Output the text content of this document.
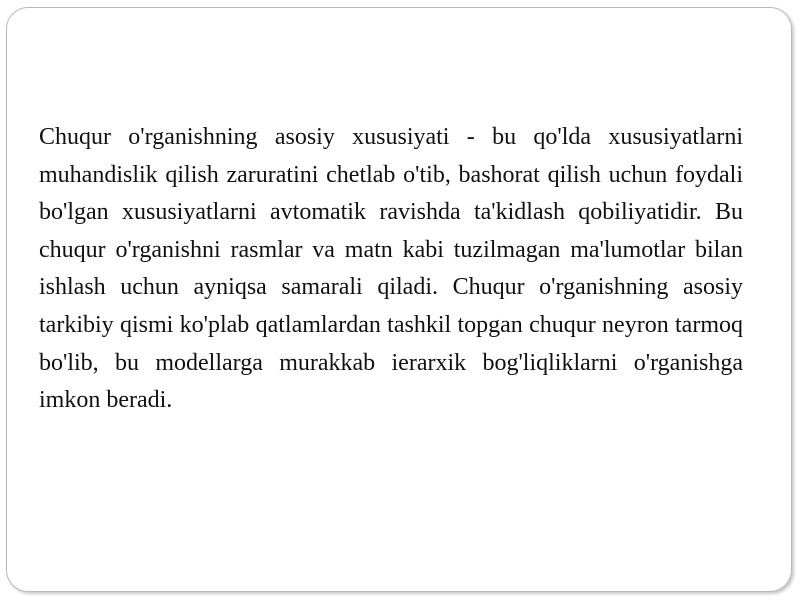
Chuqur o'rganishning asosiy xususiyati - bu qo'lda xususiyatlarni muhandislik qilish zaruratini chetlab o'tib, bashorat qilish uchun foydali bo'lgan xususiyatlarni avtomatik ravishda ta'kidlash qobiliyatidir. Bu chuqur o'rganishni rasmlar va matn kabi tuzilmagan ma'lumotlar bilan ishlash uchun ayniqsa samarali qiladi. Chuqur o'rganishning asosiy tarkibiy qismi ko'plab qatlamlardan tashkil topgan chuqur neyron tarmoq bo'lib, bu modellarga murakkab ierarxik bog'liqliklarni o'rganishga imkon beradi.
